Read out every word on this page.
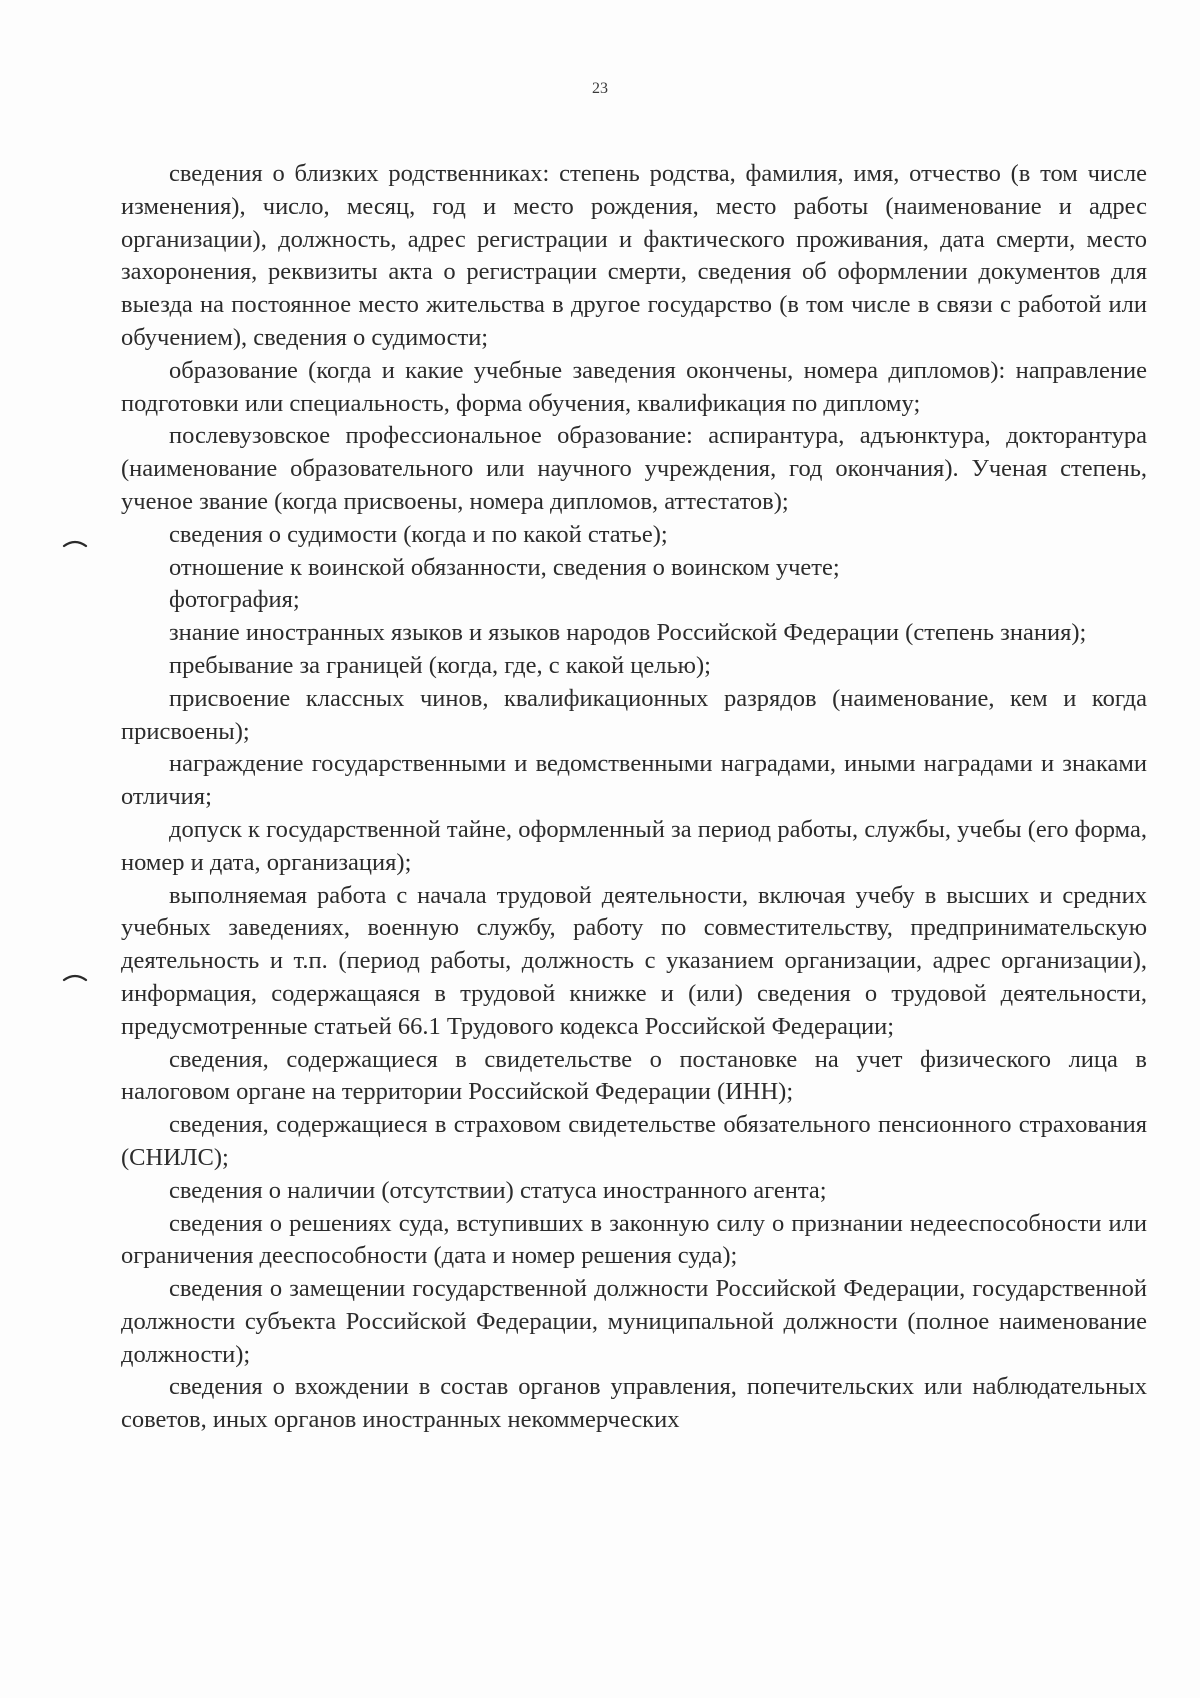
23

сведения о близких родственниках: степень родства, фамилия, имя, отчество (в том числе изменения), число, месяц, год и место рождения, место работы (наименование и адрес организации), должность, адрес регистрации и фактического проживания, дата смерти, место захоронения, реквизиты акта о регистрации смерти, сведения об оформлении документов для выезда на постоянное место жительства в другое государство (в том числе в связи с работой или обучением), сведения о судимости;

образование (когда и какие учебные заведения окончены, номера дипломов): направление подготовки или специальность, форма обучения, квалификация по диплому;

послевузовское профессиональное образование: аспирантура, адъюнктура, докторантура (наименование образовательного или научного учреждения, год окончания). Ученая степень, ученое звание (когда присвоены, номера дипломов, аттестатов);

сведения о судимости (когда и по какой статье);

отношение к воинской обязанности, сведения о воинском учете;

фотография;

знание иностранных языков и языков народов Российской Федерации (степень знания);

пребывание за границей (когда, где, с какой целью);

присвоение классных чинов, квалификационных разрядов (наименование, кем и когда присвоены);

награждение государственными и ведомственными наградами, иными наградами и знаками отличия;

допуск к государственной тайне, оформленный за период работы, службы, учебы (его форма, номер и дата, организация);

выполняемая работа с начала трудовой деятельности, включая учебу в высших и средних учебных заведениях, военную службу, работу по совместительству, предпринимательскую деятельность и т.п. (период работы, должность с указанием организации, адрес организации), информация, содержащаяся в трудовой книжке и (или) сведения о трудовой деятельности, предусмотренные статьей 66.1 Трудового кодекса Российской Федерации;

сведения, содержащиеся в свидетельстве о постановке на учет физического лица в налоговом органе на территории Российской Федерации (ИНН);

сведения, содержащиеся в страховом свидетельстве обязательного пенсионного страхования (СНИЛС);

сведения о наличии (отсутствии) статуса иностранного агента;

сведения о решениях суда, вступивших в законную силу о признании недееспособности или ограничения дееспособности (дата и номер решения суда);

сведения о замещении государственной должности Российской Федерации, государственной должности субъекта Российской Федерации, муниципальной должности (полное наименование должности);

сведения о вхождении в состав органов управления, попечительских или наблюдательных советов, иных органов иностранных некоммерческих
